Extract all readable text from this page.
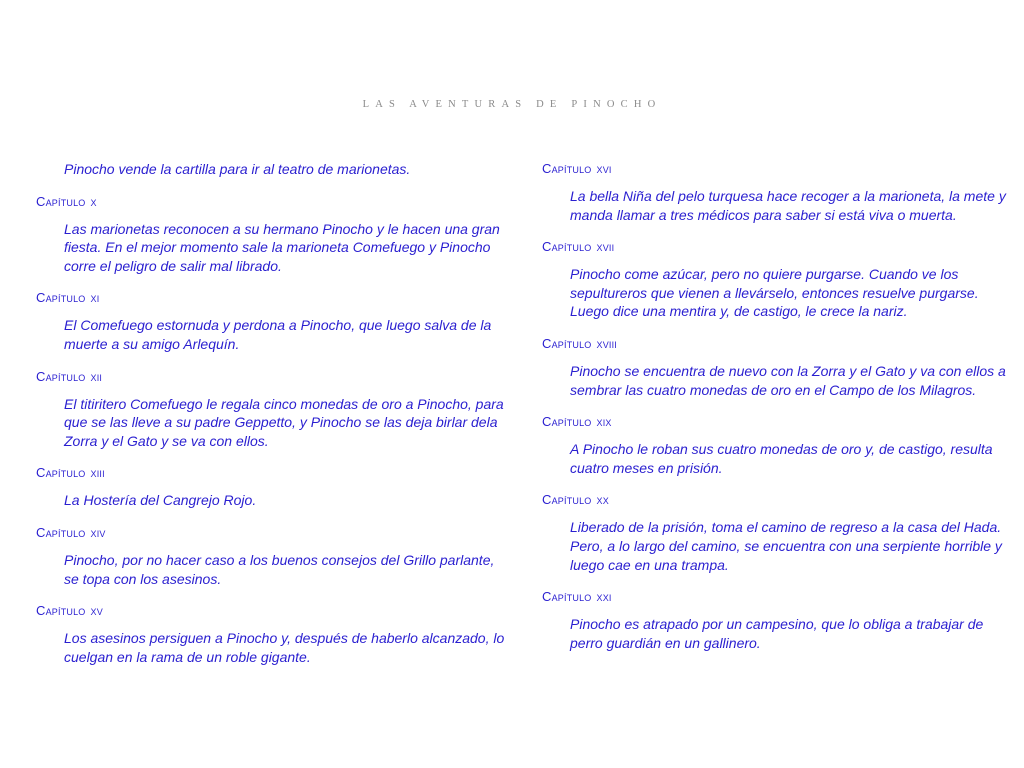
LAS AVENTURAS DE PINOCHO

Pinocho vende la cartilla para ir al teatro de marionetas.

Capítulo x

Las marionetas reconocen a su hermano Pinocho y le hacen una gran fiesta. En el mejor momento sale la marioneta Comefuego y Pinocho corre el peligro de salir mal librado.

Capítulo xi

El Comefuego estornuda y perdona a Pinocho, que luego salva de la muerte a su amigo Arlequín.

Capítulo xii

El titiritero Comefuego le regala cinco monedas de oro a Pinocho, para que se las lleve a su padre Geppetto, y Pinocho se las deja birlar dela Zorra y el Gato y se va con ellos.

Capítulo xiii

La Hostería del Cangrejo Rojo.

Capítulo xiv

Pinocho, por no hacer caso a los buenos consejos del Grillo parlante, se topa con los asesinos.

Capítulo xv

Los asesinos persiguen a Pinocho y, después de haberlo alcanzado, lo cuelgan en la rama de un roble gigante.

Capítulo xvi

La bella Niña del pelo turquesa hace recoger a la marioneta, la mete y manda llamar a tres médicos para saber si está viva o muerta.

Capítulo xvii

Pinocho come azúcar, pero no quiere purgarse. Cuando ve los sepultureros que vienen a llevárselo, entonces resuelve purgarse. Luego dice una mentira y, de castigo, le crece la nariz.

Capítulo xviii

Pinocho se encuentra de nuevo con la Zorra y el Gato y va con ellos a sembrar las cuatro monedas de oro en el Campo de los Milagros.

Capítulo xix

A Pinocho le roban sus cuatro monedas de oro y, de castigo, resulta cuatro meses en prisión.

Capítulo xx

Liberado de la prisión, toma el camino de regreso a la casa del Hada. Pero, a lo largo del camino, se encuentra con una serpiente horrible y luego cae en una trampa.

Capítulo xxi

Pinocho es atrapado por un campesino, que lo obliga a trabajar de perro guardián en un gallinero.
